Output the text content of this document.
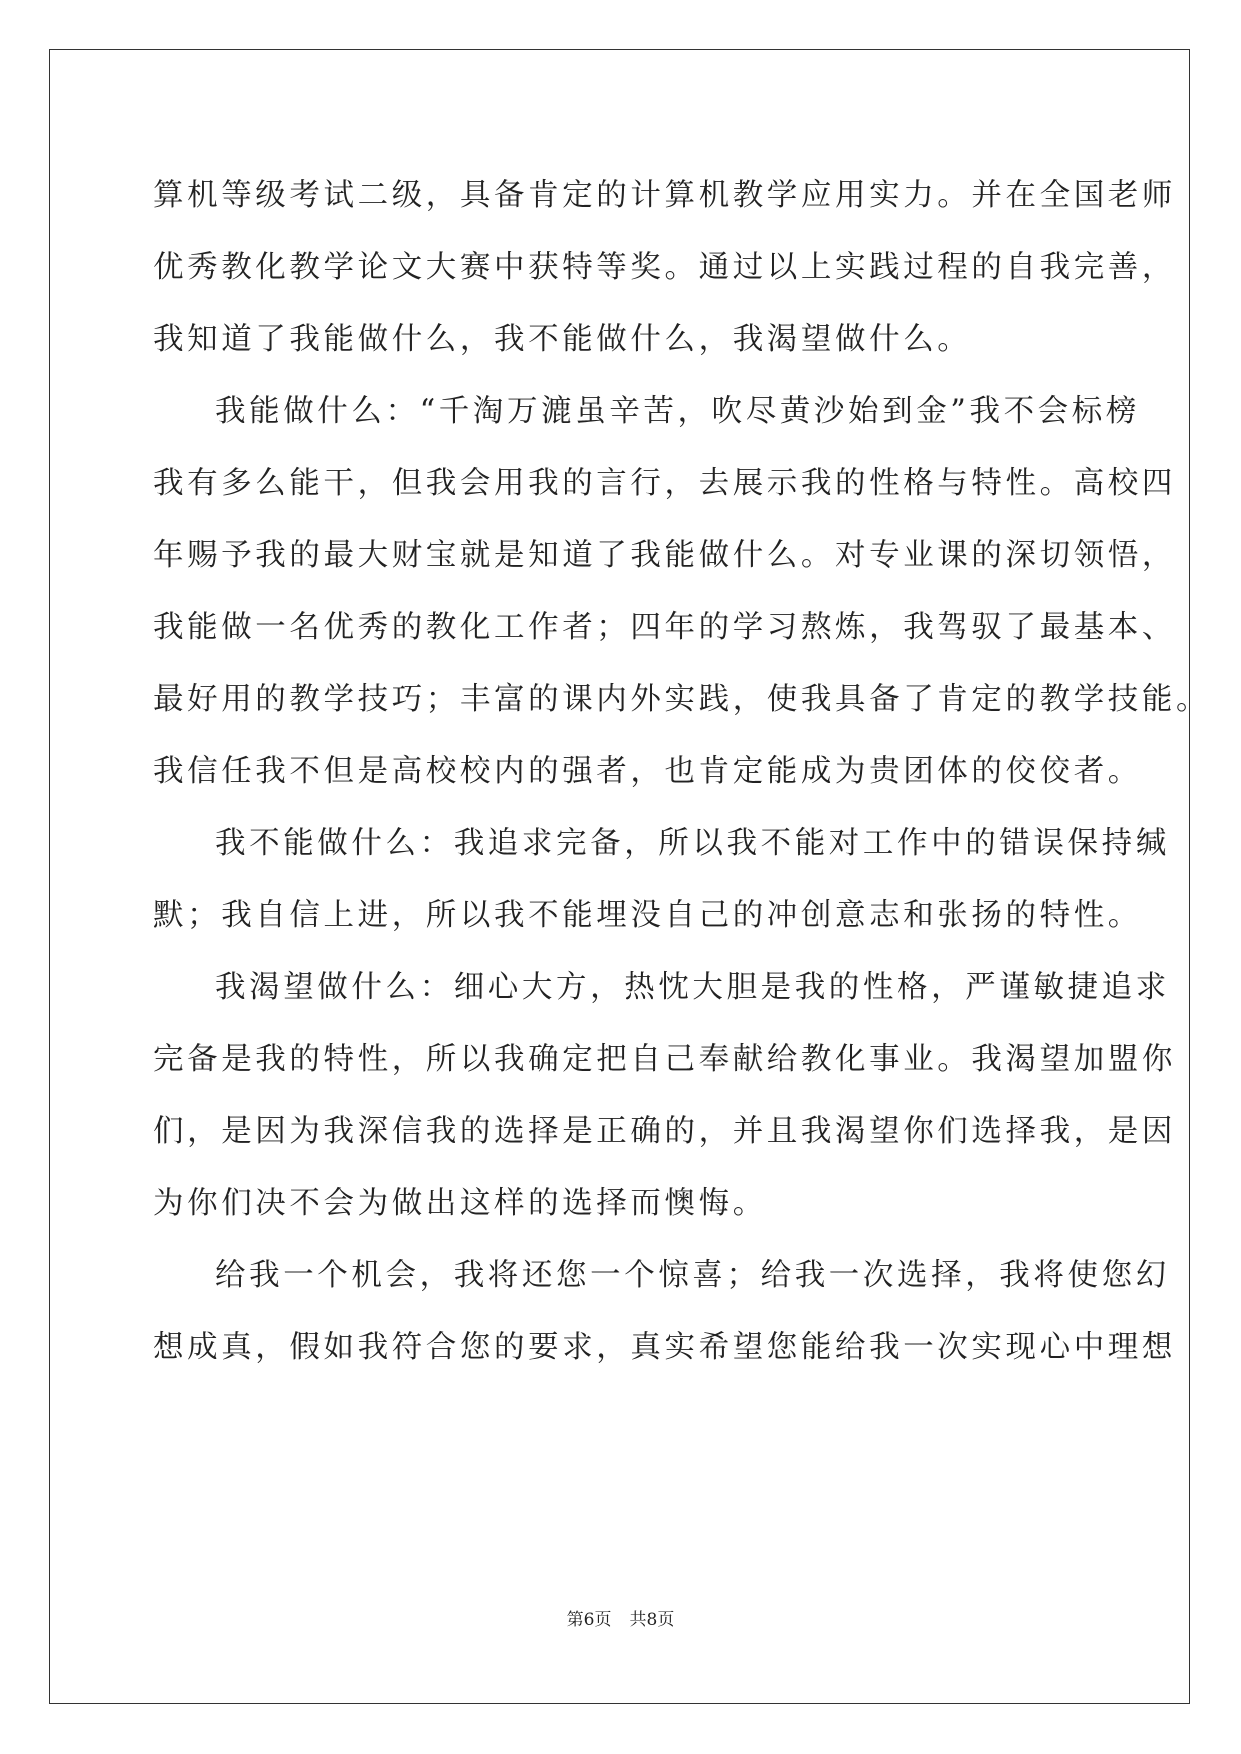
算机等级考试二级，具备肯定的计算机教学应用实力。并在全国老师
优秀教化教学论文大赛中获特等奖。通过以上实践过程的自我完善，
我知道了我能做什么，我不能做什么，我渴望做什么。
我能做什么：“千淘万漉虽辛苦，吹尽黄沙始到金”我不会标榜
我有多么能干，但我会用我的言行，去展示我的性格与特性。高校四
年赐予我的最大财宝就是知道了我能做什么。对专业课的深切领悟，
我能做一名优秀的教化工作者；四年的学习熬炼，我驾驭了最基本、
最好用的教学技巧；丰富的课内外实践，使我具备了肯定的教学技能。
我信任我不但是高校校内的强者，也肯定能成为贵团体的佼佼者。
我不能做什么：我追求完备，所以我不能对工作中的错误保持缄
默；我自信上进，所以我不能埋没自己的冲创意志和张扬的特性。
我渴望做什么：细心大方，热忱大胆是我的性格，严谨敏捷追求
完备是我的特性，所以我确定把自己奉献给教化事业。我渴望加盟你
们，是因为我深信我的选择是正确的，并且我渴望你们选择我，是因
为你们决不会为做出这样的选择而懊悔。
给我一个机会，我将还您一个惊喜；给我一次选择，我将使您幻
想成真，假如我符合您的要求，真实希望您能给我一次实现心中理想
第6页 共8页
